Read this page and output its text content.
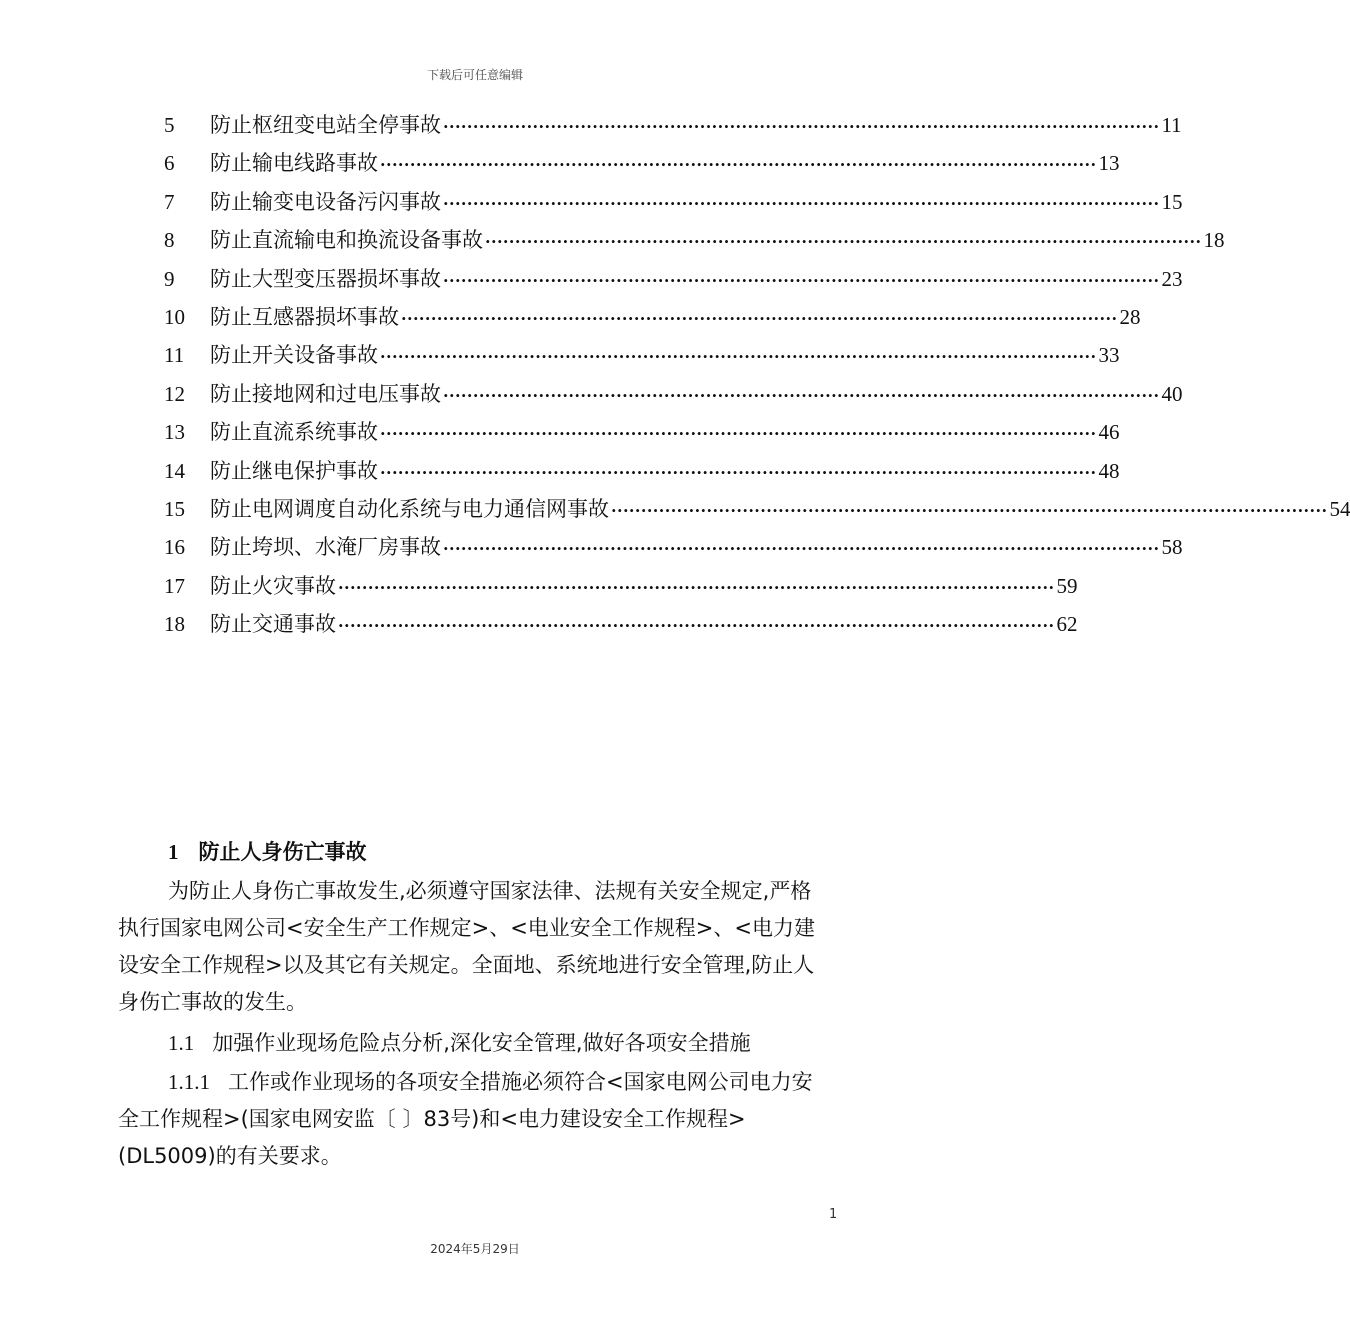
下载后可任意编辑
5	防止枢纽变电站全停事故 ························································································································ 11
6	防止输电线路事故 ························································································································ 13
7	防止输变电设备污闪事故 ························································································································ 15
8	防止直流输电和换流设备事故 ························································································································ 18
9	防止大型变压器损坏事故 ························································································································ 23
10	防止互感器损坏事故 ························································································································ 28
11	防止开关设备事故 ························································································································ 33
12	防止接地网和过电压事故 ························································································································ 40
13	防止直流系统事故 ························································································································ 46
14	防止继电保护事故 ························································································································ 48
15	防止电网调度自动化系统与电力通信网事故 ························································································································ 54
16	防止垮坝、水淹厂房事故 ························································································································ 58
17	防止火灾事故 ························································································································ 59
18	防止交通事故 ························································································································ 62
1 防止人身伤亡事故
为防止人身伤亡事故发生,必须遵守国家法律、法规有关安全规定,严格执行国家电网公司<安全生产工作规定>、<电业安全工作规程>、<电力建设安全工作规程>以及其它有关规定。全面地、系统地进行安全管理,防止人身伤亡事故的发生。
1.1 加强作业现场危险点分析,深化安全管理,做好各项安全措施
1.1.1 工作或作业现场的各项安全措施必须符合<国家电网公司电力安全工作规程>(国家电网安监〔 〕83号)和<电力建设安全工作规程>(DL5009)的有关要求。
1
2024年5月29日
